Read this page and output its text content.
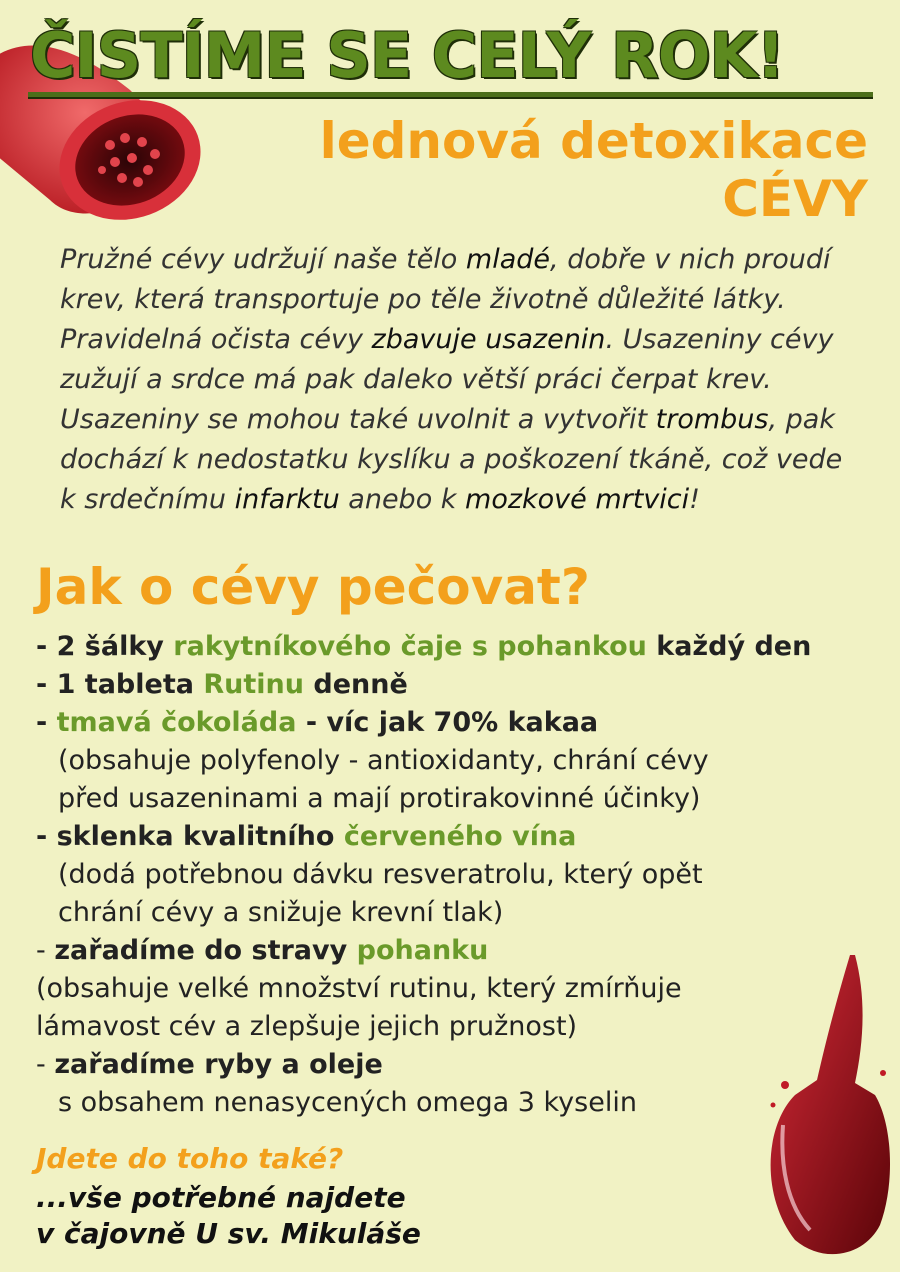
ČISTÍME SE CELÝ ROK!
lednová detoxikace
CÉVY
Pružné cévy udržují naše tělo mladé, dobře v nich proudí krev, která transportuje po těle životně důležité látky. Pravidelná očista cévy zbavuje usazenin. Usazeniny cévy zužují a srdce má pak daleko větší práci čerpat krev. Usazeniny se mohou také uvolnit a vytvořit trombus, pak dochází k nedostatku kyslíku a poškození tkáně, což vede k srdečnímu infarktu anebo k mozkové mrtvici!
Jak o cévy pečovat?
- 2 šálky rakytníkového čaje s pohankou každý den
- 1 tableta Rutinu denně
- tmavá čokoláda - víc jak 70% kakaa
(obsahuje polyfenoly - antioxidanty, chrání cévy
před usazeninami a mají protirakovinné účinky)
- sklenka kvalitního červeného vína
(dodá potřebnou dávku resveratrolu, který opět
chrání cévy a snižuje krevní tlak)
- zařadíme do stravy pohanku
(obsahuje velké množství rutinu, který zmírňuje
lámavost cév a zlepšuje jejich pružnost)
- zařadíme ryby a oleje
s obsahem nenasycených omega 3 kyselin
Jdete do toho také?
...vše potřebné najdete
v čajovně U sv. Mikuláše
